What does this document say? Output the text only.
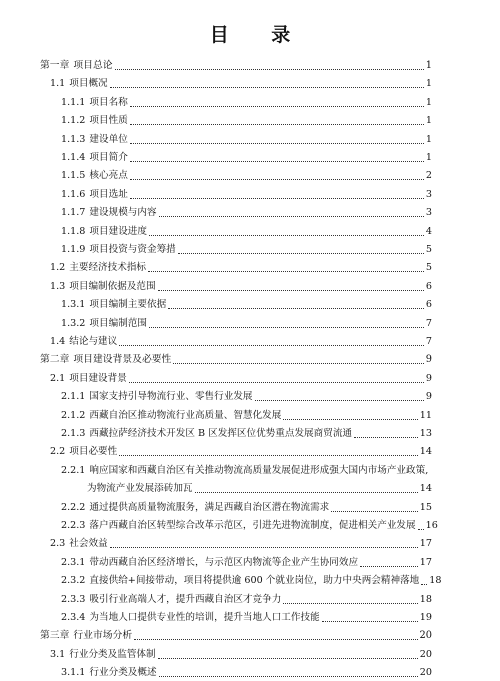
目 录
第一章 项目总论	1
1.1 项目概况	1
1.1.1 项目名称	1
1.1.2 项目性质	1
1.1.3 建设单位	1
1.1.4 项目简介	1
1.1.5 核心亮点	2
1.1.6 项目选址	3
1.1.7 建设规模与内容	3
1.1.8 项目建设进度	4
1.1.9 项目投资与资金筹措	5
1.2 主要经济技术指标	5
1.3 项目编制依据及范围	6
1.3.1 项目编制主要依据	6
1.3.2 项目编制范围	7
1.4 结论与建议	7
第二章 项目建设背景及必要性	9
2.1 项目建设背景	9
2.1.1 国家支持引导物流行业、零售行业发展	9
2.1.2 西藏自治区推动物流行业高质量、智慧化发展	11
2.1.3 西藏拉萨经济技术开发区 B 区发挥区位优势重点发展商贸流通	13
2.2 项目必要性	14
2.2.1 响应国家和西藏自治区有关推动物流高质量发展促进形成强大国内市场产业政策,
为物流产业发展添砖加瓦	14
2.2.2 通过提供高质量物流服务，满足西藏自治区潜在物流需求	15
2.2.3 落户西藏自治区转型综合改革示范区，引进先进物流制度，促进相关产业发展 16
2.3 社会效益	17
2.3.1 带动西藏自治区经济增长，与示范区内物流等企业产生协同效应	17
2.3.2 直接供给+间接带动，项目将提供逾 600 个就业岗位，助力中央两会精神落地 18
2.3.3 吸引行业高端人才，提升西藏自治区才竞争力	18
2.3.4 为当地人口提供专业性的培训，提升当地人口工作技能	19
第三章 行业市场分析	20
3.1 行业分类及监管体制	20
3.1.1 行业分类及概述	20
